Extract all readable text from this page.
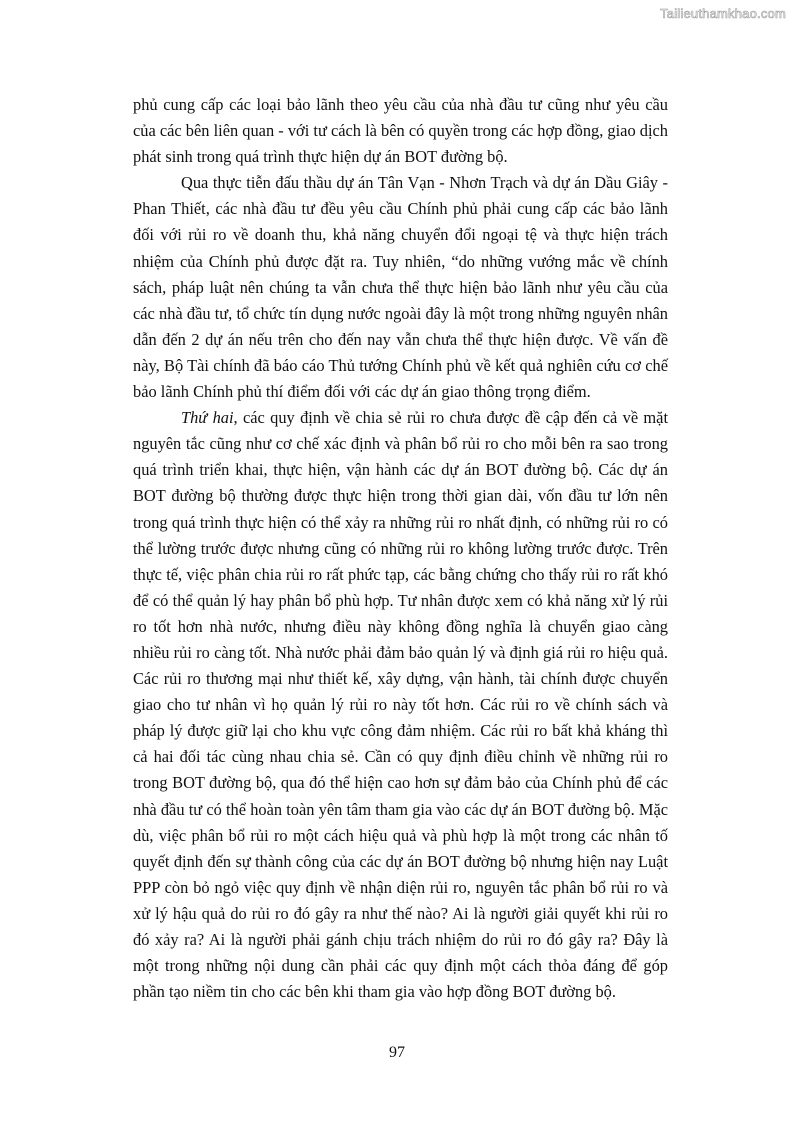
Tailieuthamkhao.com

phủ cung cấp các loại bảo lãnh theo yêu cầu của nhà đầu tư cũng như yêu cầu của các bên liên quan - với tư cách là bên có quyền trong các hợp đồng, giao dịch phát sinh trong quá trình thực hiện dự án BOT đường bộ.

Qua thực tiễn đấu thầu dự án Tân Vạn - Nhơn Trạch và dự án Dầu Giây - Phan Thiết, các nhà đầu tư đều yêu cầu Chính phủ phải cung cấp các bảo lãnh đối với rủi ro về doanh thu, khả năng chuyển đổi ngoại tệ và thực hiện trách nhiệm của Chính phủ được đặt ra. Tuy nhiên, “do những vướng mắc về chính sách, pháp luật nên chúng ta vẫn chưa thể thực hiện bảo lãnh như yêu cầu của các nhà đầu tư, tổ chức tín dụng nước ngoài đây là một trong những nguyên nhân dẫn đến 2 dự án nếu trên cho đến nay vẫn chưa thể thực hiện được. Về vấn đề này, Bộ Tài chính đã báo cáo Thủ tướng Chính phủ về kết quả nghiên cứu cơ chế bảo lãnh Chính phủ thí điểm đối với các dự án giao thông trọng điểm.

Thứ hai, các quy định về chia sẻ rủi ro chưa được đề cập đến cả về mặt nguyên tắc cũng như cơ chế xác định và phân bổ rủi ro cho mỗi bên ra sao trong quá trình triển khai, thực hiện, vận hành các dự án BOT đường bộ. Các dự án BOT đường bộ thường được thực hiện trong thời gian dài, vốn đầu tư lớn nên trong quá trình thực hiện có thể xảy ra những rủi ro nhất định, có những rủi ro có thể lường trước được nhưng cũng có những rủi ro không lường trước được. Trên thực tế, việc phân chia rủi ro rất phức tạp, các bằng chứng cho thấy rủi ro rất khó để có thể quản lý hay phân bổ phù hợp. Tư nhân được xem có khả năng xử lý rủi ro tốt hơn nhà nước, nhưng điều này không đồng nghĩa là chuyển giao càng nhiều rủi ro càng tốt. Nhà nước phải đảm bảo quản lý và định giá rủi ro hiệu quả. Các rủi ro thương mại như thiết kế, xây dựng, vận hành, tài chính được chuyển giao cho tư nhân vì họ quản lý rủi ro này tốt hơn. Các rủi ro về chính sách và pháp lý được giữ lại cho khu vực công đảm nhiệm. Các rủi ro bất khả kháng thì cả hai đối tác cùng nhau chia sẻ. Cần có quy định điều chỉnh về những rủi ro trong BOT đường bộ, qua đó thể hiện cao hơn sự đảm bảo của Chính phủ để các nhà đầu tư có thể hoàn toàn yên tâm tham gia vào các dự án BOT đường bộ. Mặc dù, việc phân bổ rủi ro một cách hiệu quả và phù hợp là một trong các nhân tố quyết định đến sự thành công của các dự án BOT đường bộ nhưng hiện nay Luật PPP còn bỏ ngỏ việc quy định về nhận diện rủi ro, nguyên tắc phân bổ rủi ro và xử lý hậu quả do rủi ro đó gây ra như thế nào? Ai là người giải quyết khi rủi ro đó xảy ra? Ai là người phải gánh chịu trách nhiệm do rủi ro đó gây ra? Đây là một trong những nội dung cần phải các quy định một cách thỏa đáng để góp phần tạo niềm tin cho các bên khi tham gia vào hợp đồng BOT đường bộ.

97
